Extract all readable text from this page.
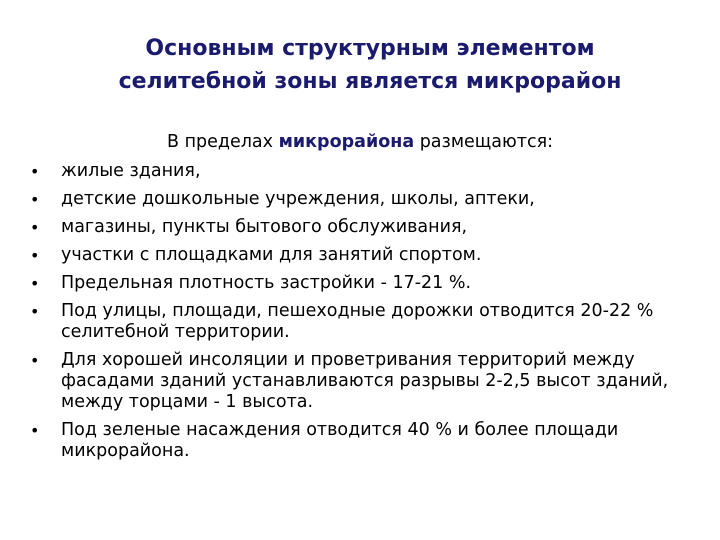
Основным структурным элементом
селитебной зоны является микрорайон
В пределах микрорайона размещаются:
• жилые здания,
• детские дошкольные учреждения, школы, аптеки,
• магазины, пункты бытового обслуживания,
• участки с площадками для занятий спортом.
• Предельная плотность застройки - 17-21 %.
• Под улицы, площади, пешеходные дорожки отводится 20-22 % селитебной территории.
• Для хорошей инсоляции и проветривания территорий между фасадами зданий устанавливаются разрывы 2-2,5 высот зданий, между торцами - 1 высота.
• Под зеленые насаждения отводится 40 % и более площади микрорайона.
